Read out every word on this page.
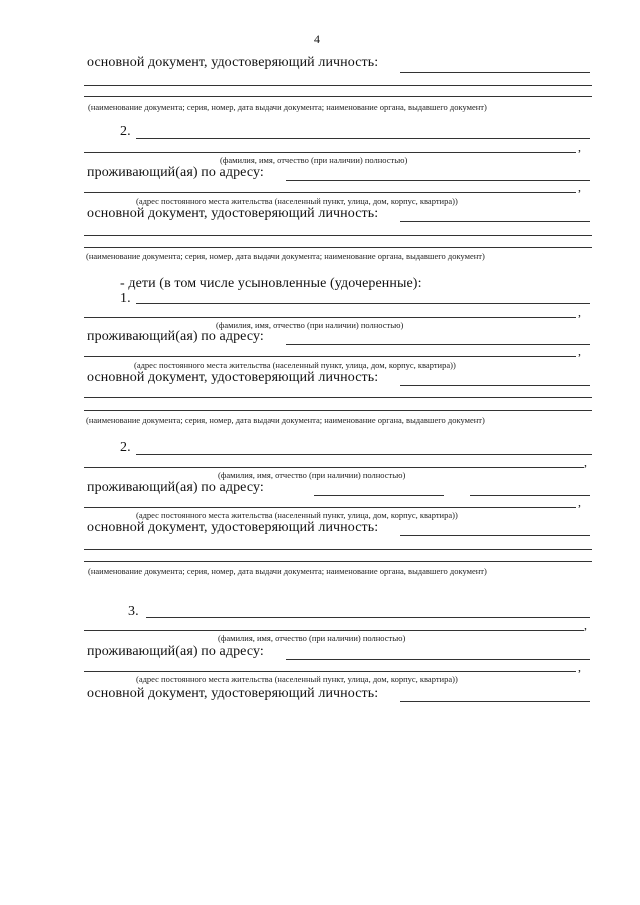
4
основной документ, удостоверяющий личность:
(наименование документа; серия, номер, дата выдачи документа; наименование органа, выдавшего документ)
2.
,
(фамилия, имя, отчество (при наличии) полностью)
проживающий(ая) по адресу:
,
(адрес постоянного места жительства (населенный пункт, улица, дом, корпус, квартира))
основной документ, удостоверяющий личность:
(наименование документа; серия, номер, дата выдачи документа; наименование органа, выдавшего документ)
- дети (в том числе усыновленные (удочеренные):
1.
,
(фамилия, имя, отчество (при наличии) полностью)
проживающий(ая) по адресу:
,
(адрес постоянного места жительства (населенный пункт, улица, дом, корпус, квартира))
основной документ, удостоверяющий личность:
(наименование документа; серия, номер, дата выдачи документа; наименование органа, выдавшего документ)
2.
,
(фамилия, имя, отчество (при наличии) полностью)
проживающий(ая) по адресу:
,
(адрес постоянного места жительства (населенный пункт, улица, дом, корпус, квартира))
основной документ, удостоверяющий личность:
(наименование документа; серия, номер, дата выдачи документа; наименование органа, выдавшего документ)
3.
,
(фамилия, имя, отчество (при наличии) полностью)
проживающий(ая) по адресу:
,
(адрес постоянного места жительства (населенный пункт, улица, дом, корпус, квартира))
основной документ, удостоверяющий личность:
